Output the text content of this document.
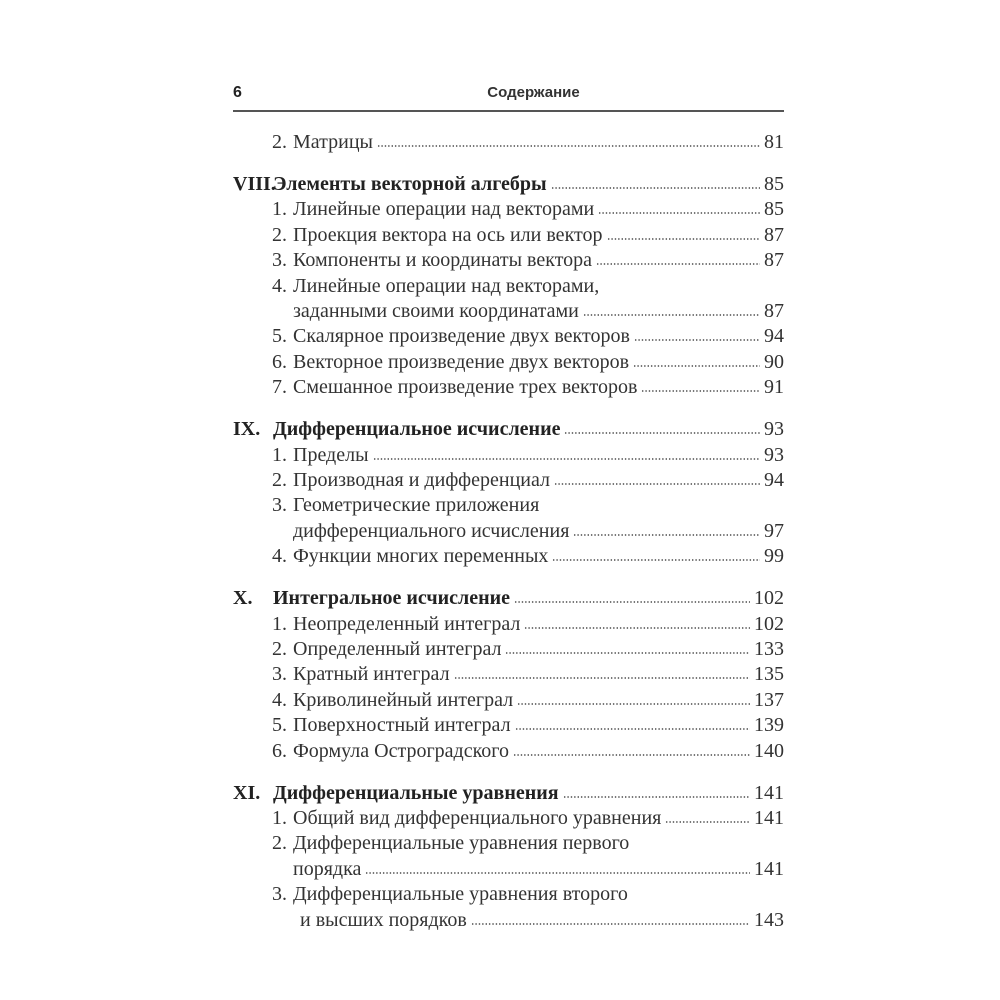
6	Содержание
2. Матрицы	81
VIII.
Элементы векторной алгебры	85
1. Линейные операции над векторами	85
2. Проекция вектора на ось или вектор	87
3. Компоненты и координаты вектора	87
4. Линейные операции над векторами,
заданными своими координатами	87
5. Скалярное произведение двух векторов	94
6. Векторное произведение двух векторов	90
7. Смешанное произведение трех векторов	91
IX. Дифференциальное исчисление	93
1. Пределы	93
2. Производная и дифференциал	94
3. Геометрические приложения
дифференциального исчисления	97
4. Функции многих переменных	99
X.	Интегральное исчисление	102
1. Неопределенный интеграл	102
2. Определенный интеграл	133
3. Кратный интеграл	135
4. Криволинейный интеграл	137
5. Поверхностный интеграл	139
6. Формула Остроградского	140
XI. Дифференциальные уравнения	141
1. Общий вид дифференциального уравнения	141
2. Дифференциальные уравнения первого
порядка	141
3. Дифференциальные уравнения второго
и высших порядков	143
